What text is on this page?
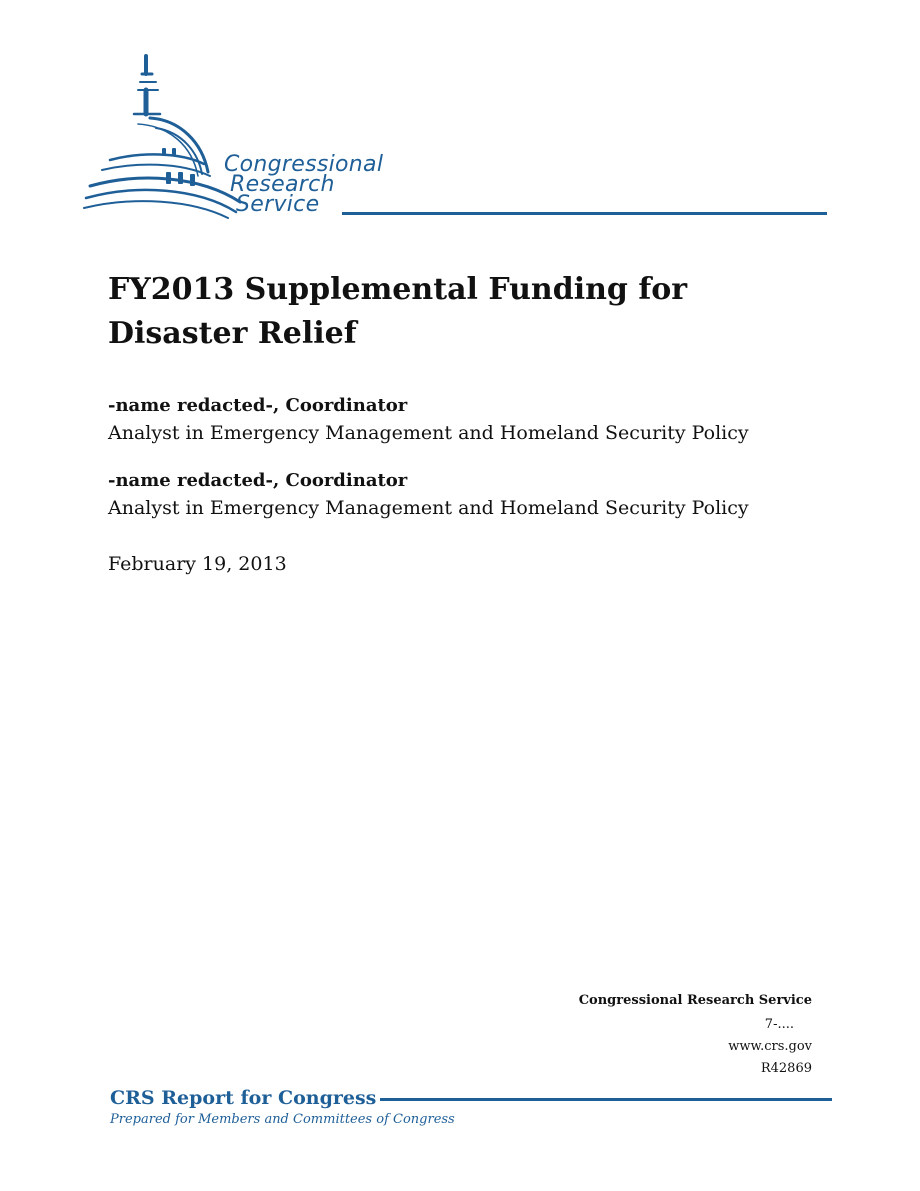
Congressional
Research
Service
FY2013 Supplemental Funding for
Disaster Relief
-name redacted-, Coordinator
Analyst in Emergency Management and Homeland Security Policy
-name redacted-, Coordinator
Analyst in Emergency Management and Homeland Security Policy
February 19, 2013
Congressional Research Service
7-....
www.crs.gov
R42869
CRS Report for Congress
Prepared for Members and Committees of Congress
